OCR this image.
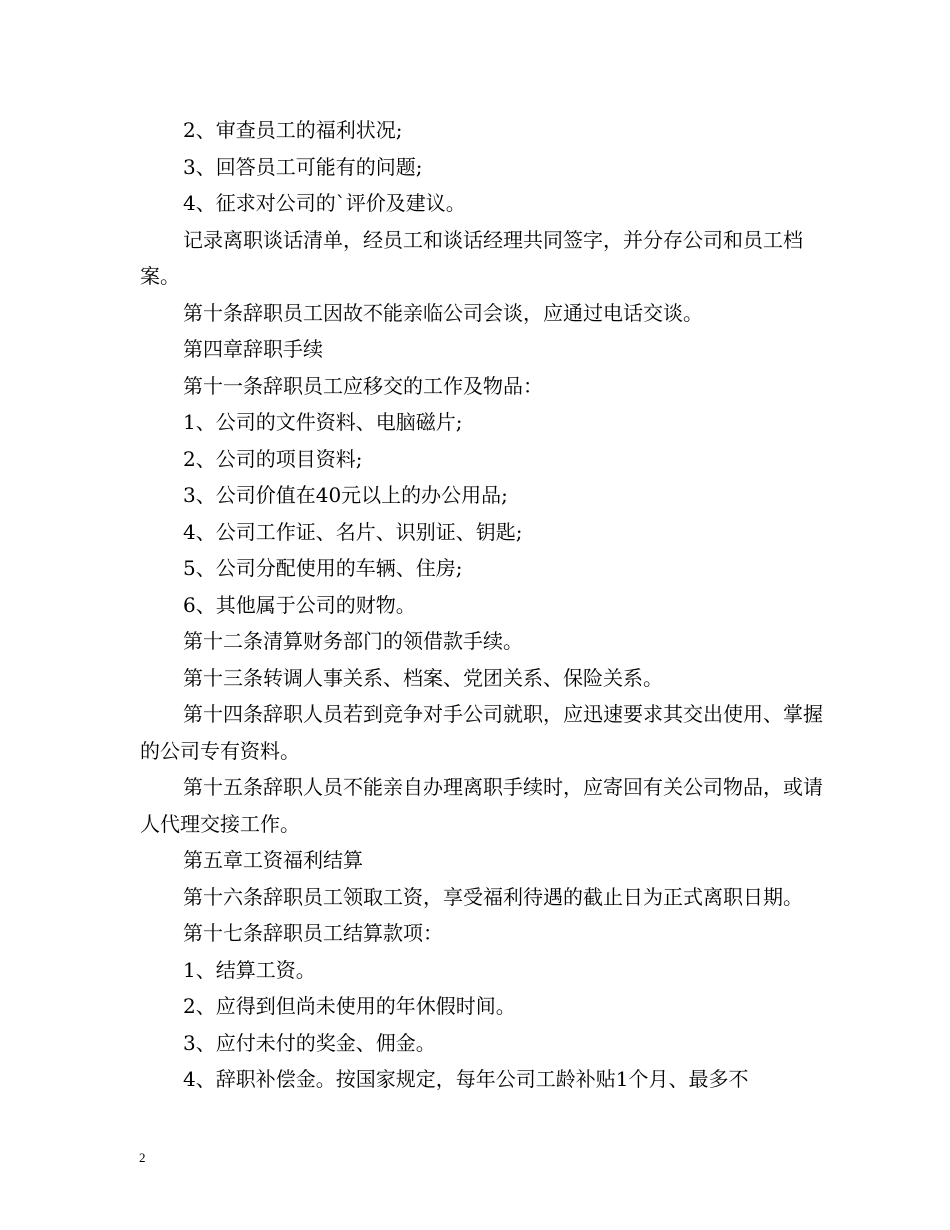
2、审查员工的福利状况;

3、回答员工可能有的问题;

4、征求对公司的`评价及建议。

记录离职谈话清单，经员工和谈话经理共同签字，并分存公司和员工档案。

第十条辞职员工因故不能亲临公司会谈，应通过电话交谈。

第四章辞职手续

第十一条辞职员工应移交的工作及物品：

1、公司的文件资料、电脑磁片;

2、公司的项目资料;

3、公司价值在40元以上的办公用品;

4、公司工作证、名片、识别证、钥匙;

5、公司分配使用的车辆、住房;

6、其他属于公司的财物。

第十二条清算财务部门的领借款手续。

第十三条转调人事关系、档案、党团关系、保险关系。

第十四条辞职人员若到竞争对手公司就职，应迅速要求其交出使用、掌握的公司专有资料。

第十五条辞职人员不能亲自办理离职手续时，应寄回有关公司物品，或请人代理交接工作。

第五章工资福利结算

第十六条辞职员工领取工资，享受福利待遇的截止日为正式离职日期。

第十七条辞职员工结算款项：

1、结算工资。

2、应得到但尚未使用的年休假时间。

3、应付未付的奖金、佣金。

4、辞职补偿金。按国家规定，每年公司工龄补贴1个月、最多不

2
